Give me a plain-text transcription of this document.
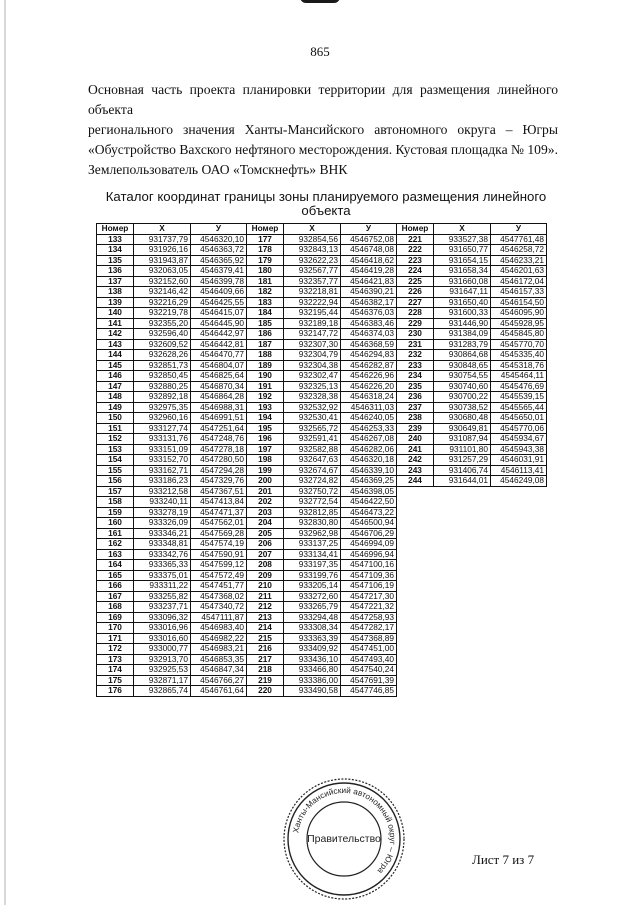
865

Основная часть проекта планировки территории для размещения линейного объекта

регионального значения Ханты-Мансийского автономного округа – Югры

«Обустройство Вахского нефтяного месторождения. Кустовая площадка № 109».

Землепользователь ОАО «Томскнефть» ВНК

Каталог координат границы зоны планируемого размещения линейного объекта
Номер	X	У	Номер	X	У	Номер	X	У
133	931737,79	4546320,10	177	932854,56	4546752,08	221	933527,38	4547761,48
134	931926,16	4546363,72	178	932843,13	4546748,08	222	931650,77	4546258,72
135	931943,87	4546365,92	179	932622,23	4546418,62	223	931654,15	4546233,21
136	932063,05	4546379,41	180	932567,77	4546419,28	224	931658,34	4546201,63
137	932152,60	4546399,78	181	932357,77	4546421,83	225	931660,08	4546172,04
138	932146,42	4546409,66	182	932218,81	4546390,21	226	931647,11	4546157,33
139	932216,29	4546425,55	183	932222,94	4546382,17	227	931650,40	4546154,50
140	932219,78	4546415,07	184	932195,44	4546376,03	228	931600,33	4546095,90
141	932355,20	4546445,90	185	932189,18	4546383,46	229	931446,90	4545928,95
142	932596,40	4546442,97	186	932147,72	4546374,03	230	931384,09	4545845,80
143	932609,52	4546442,81	187	932307,30	4546368,59	231	931283,79	4545770,70
144	932628,26	4546470,77	188	932304,79	4546294,83	232	930864,68	4545335,40
145	932851,73	4546804,07	189	932304,38	4546282,87	233	930848,65	4545318,76
146	932850,45	4546825,64	190	932302,47	4546226,96	234	930754,55	4545464,11
147	932880,25	4546870,34	191	932325,13	4546226,20	235	930740,60	4545476,69
148	932892,18	4546864,28	192	932328,38	4546318,24	236	930700,22	4545539,15
149	932975,35	4546988,31	193	932532,92	4546311,03	237	930738,52	4545565,44
150	932960,16	4546991,51	194	932530,41	4546240,05	238	930680,48	4545650,01
151	933127,74	4547251,64	195	932565,72	4546253,33	239	930649,81	4545770,06
152	933131,76	4547248,76	196	932591,41	4546267,08	240	931087,94	4545934,67
153	933151,09	4547278,18	197	932582,88	4546282,06	241	931101,80	4545943,38
154	933152,70	4547280,50	198	932647,63	4546320,18	242	931257,29	4546031,91
155	933162,71	4547294,28	199	932674,67	4546339,10	243	931406,74	4546113,41
156	933186,23	4547329,76	200	932724,82	4546369,25	244	931644,01	4546249,08
157	933212,58	4547367,51	201	932750,72	4546398,05			
158	933240,11	4547413,84	202	932772,54	4546422,50			
159	933278,19	4547471,37	203	932812,85	4546473,22			
160	933326,09	4547562,01	204	932830,80	4546500,94			
161	933346,21	4547569,28	205	932962,98	4546706,29			
162	933348,81	4547574,19	206	933137,25	4546994,09			
163	933342,76	4547590,91	207	933134,41	4546996,94			
164	933365,33	4547599,12	208	933197,35	4547100,16			
165	933375,01	4547572,49	209	933199,76	4547109,36			
166	933311,22	4547451,77	210	933205,14	4547106,19			
167	933255,82	4547368,02	211	933272,60	4547217,30			
168	933237,71	4547340,72	212	933265,79	4547221,32			
169	933096,32	4547111,87	213	933294,48	4547258,93			
170	933016,96	4546983,40	214	933308,34	4547282,17			
171	933016,60	4546982,22	215	933363,39	4547368,89			
172	933000,77	4546983,21	216	933409,92	4547451,00			
173	932913,70	4546853,35	217	933436,10	4547493,40			
174	932925,53	4546847,34	218	933466,80	4547540,24			
175	932871,17	4546766,27	219	933386,00	4547691,39			
176	932865,74	4546761,64	220	933490,58	4547746,85			
Ханты-Мансийский автономный округ – Югра
Правительство
Лист 7 из 7
